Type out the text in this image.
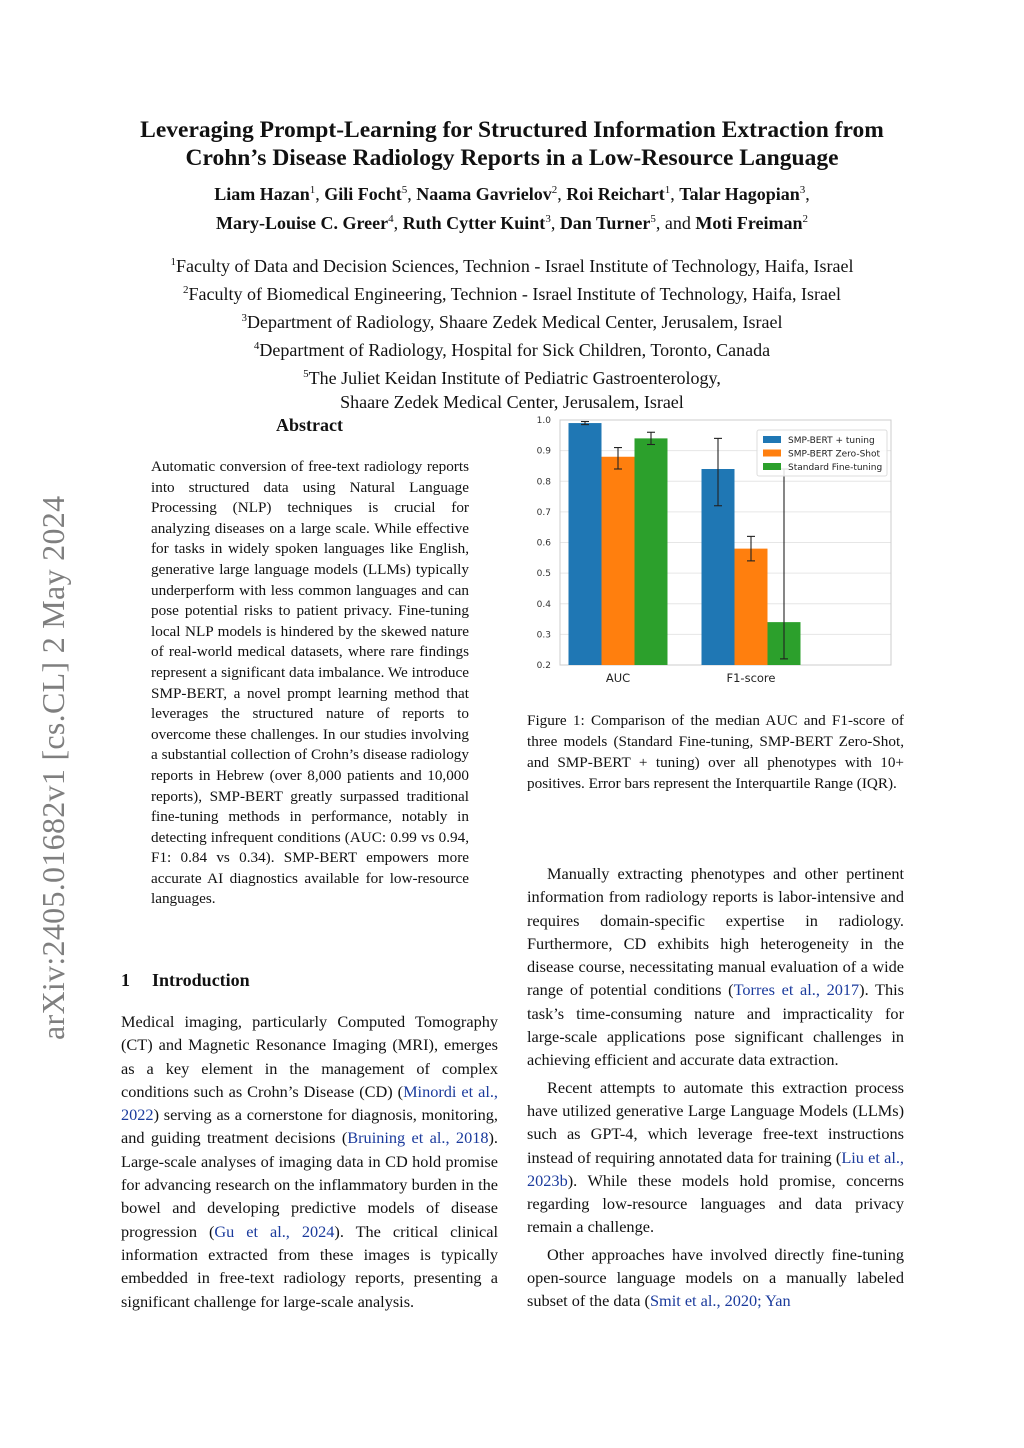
arXiv:2405.01682v1 [cs.CL] 2 May 2024
Leveraging Prompt-Learning for Structured Information Extraction from
Crohn’s Disease Radiology Reports in a Low-Resource Language
Liam Hazan$^1$, Gili Focht$^5$, Naama Gavrielov$^2$, Roi Reichart$^1$, Talar Hagopian$^3$,
Mary-Louise C. Greer$^4$, Ruth Cytter Kuint$^3$, Dan Turner$^5$, and Moti Freiman$^2$
$^1$Faculty of Data and Decision Sciences, Technion - Israel Institute of Technology, Haifa, Israel
$^2$Faculty of Biomedical Engineering, Technion - Israel Institute of Technology, Haifa, Israel
$^3$Department of Radiology, Shaare Zedek Medical Center, Jerusalem, Israel
$^4$Department of Radiology, Hospital for Sick Children, Toronto, Canada
$^5$The Juliet Keidan Institute of Pediatric Gastroenterology,
Shaare Zedek Medical Center, Jerusalem, Israel
Abstract
Automatic conversion of free-text radiology reports into structured data using Natural Language Processing (NLP) techniques is crucial for analyzing diseases on a large scale. While effective for tasks in widely spoken languages like English, generative large language models (LLMs) typically underperform with less common languages and can pose potential risks to patient privacy. Fine-tuning local NLP models is hindered by the skewed nature of real-world medical datasets, where rare findings represent a significant data imbalance. We introduce SMP-BERT, a novel prompt learning method that leverages the structured nature of reports to overcome these challenges. In our studies involving a substantial collection of Crohn’s disease radiology reports in Hebrew (over 8,000 patients and 10,000 reports), SMP-BERT greatly surpassed traditional fine-tuning methods in performance, notably in detecting infrequent conditions (AUC: 0.99 vs 0.94, F1: 0.84 vs 0.34). SMP-BERT empowers more accurate AI diagnostics available for low-resource languages.
1 Introduction
Medical imaging, particularly Computed Tomography (CT) and Magnetic Resonance Imaging (MRI), emerges as a key element in the management of complex conditions such as Crohn’s Disease (CD) (Minordi et al., 2022) serving as a cornerstone for diagnosis, monitoring, and guiding treatment decisions (Bruining et al., 2018). Large-scale analyses of imaging data in CD hold promise for advancing research on the inflammatory burden in the bowel and developing predictive models of disease progression (Gu et al., 2024). The critical clinical information extracted from these images is typically embedded in free-text radiology reports, presenting a significant challenge for large-scale analysis.
0.2
0.3
0.4
0.5
0.6
0.7
0.8
0.9
1.0
AUC	F1-score
SMP-BERT + tuning
SMP-BERT Zero-Shot
Standard Fine-tuning
Figure 1: Comparison of the median AUC and F1-score of three models (Standard Fine-tuning, SMP-BERT Zero-Shot, and SMP-BERT + tuning) over all phenotypes with 10+ positives. Error bars represent the Interquartile Range (IQR).

Manually extracting phenotypes and other pertinent information from radiology reports is labor-intensive and requires domain-specific expertise in radiology. Furthermore, CD exhibits high heterogeneity in the disease course, necessitating manual evaluation of a wide range of potential conditions (Torres et al., 2017). This task’s time-consuming nature and impracticality for large-scale applications pose significant challenges in achieving efficient and accurate data extraction.

Recent attempts to automate this extraction process have utilized generative Large Language Models (LLMs) such as GPT-4, which leverage free-text instructions instead of requiring annotated data for training (Liu et al., 2023b). While these models hold promise, concerns regarding low-resource languages and data privacy remain a challenge.

Other approaches have involved directly fine-tuning open-source language models on a manually labeled subset of the data (Smit et al., 2020; Yan
